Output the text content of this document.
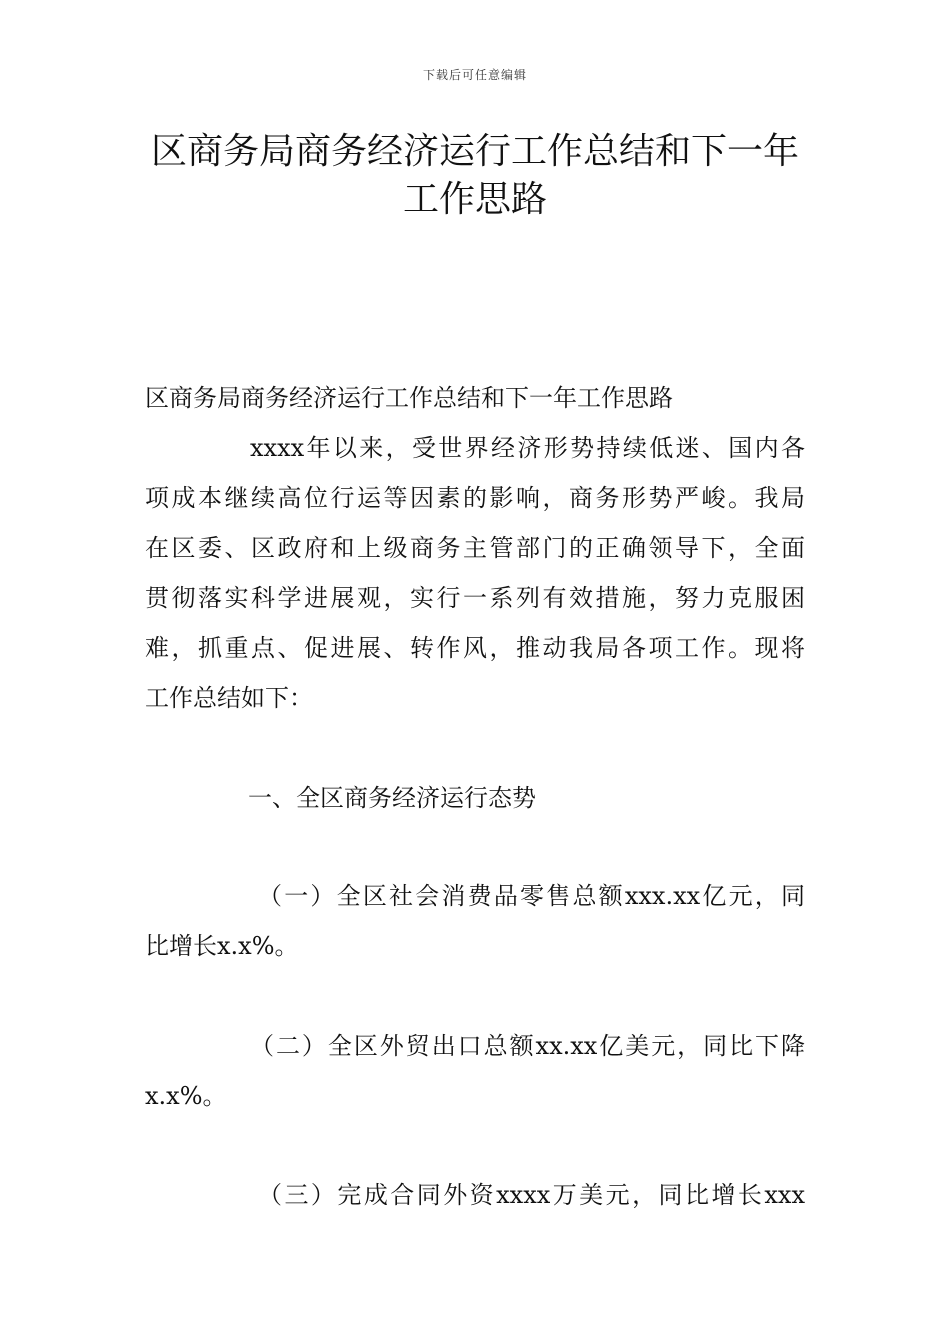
下载后可任意编辑
区商务局商务经济运行工作总结和下一年
工作思路
区商务局商务经济运行工作总结和下一年工作思路
xxxx年以来，受世界经济形势持续低迷、国内各
项成本继续高位行运等因素的影响，商务形势严峻。我局
在区委、区政府和上级商务主管部门的正确领导下，全面
贯彻落实科学进展观，实行一系列有效措施，努力克服困
难，抓重点、促进展、转作风，推动我局各项工作。现将
工作总结如下：
一、全区商务经济运行态势
（一）全区社会消费品零售总额xxx.xx亿元，同
比增长x.x%。
（二）全区外贸出口总额xx.xx亿美元，同比下降
x.x%。
（三）完成合同外资xxxx万美元，同比增长xxx
